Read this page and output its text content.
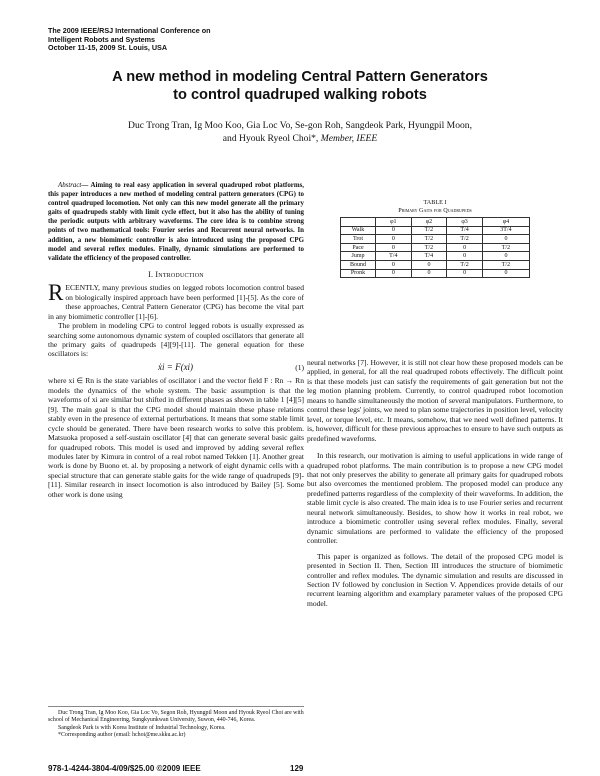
The 2009 IEEE/RSJ International Conference on
Intelligent Robots and Systems
October 11-15, 2009 St. Louis, USA
A new method in modeling Central Pattern Generators
to control quadruped walking robots
Duc Trong Tran, Ig Moo Koo, Gia Loc Vo, Se-gon Roh, Sangdeok Park, Hyungpil Moon,
and Hyouk Ryeol Choi*, Member, IEEE

Abstract— Aiming to real easy application in several quadruped robot platforms, this paper introduces a new method of modeling central pattern generators (CPG) to control quadruped locomotion. Not only can this new model generate all the primary gaits of quadrupeds stably with limit cycle effect, but it also has the ability of tuning the periodic outputs with arbitrary waveforms. The core idea is to combine strong points of two mathematical tools: Fourier series and Recurrent neural networks. In addition, a new biomimetic controller is also introduced using the proposed CPG model and several reflex modules. Finally, dynamic simulations are performed to validate the efficiency of the proposed controller.

I. Introduction

RECENTLY, many previous studies on legged robots locomotion control based on biologically inspired approach have been performed [1]-[5]. As the core of these approaches, Central Pattern Generator (CPG) has become the vital part in any biomimetic controller [1]-[6].

The problem in modeling CPG to control legged robots is usually expressed as searching some autonomous dynamic system of coupled oscillators that generate all the primary gaits of quadrupeds [4][9]-[11]. The general equation for these oscillators is:

ẋi = F(xi)	(1)

where xi ∈ Rn is the state variables of oscillator i and the vector field F : Rn → Rn models the dynamics of the whole system. The basic assumption is that the waveforms of xi are similar but shifted in different phases as shown in table 1 [4][5][9]. The main goal is that the CPG model should maintain these phase relations stably even in the presence of external perturbations. It means that some stable limit cycle should be generated. There have been research works to solve this problem. Matsuoka proposed a self-sustain oscillator [4] that can generate several basic gaits for quadruped robots. This model is used and improved by adding several reflex modules later by Kimura in control of a real robot named Tekken [1]. Another great work is done by Buono et. al. by proposing a network of eight dynamic cells with a special structure that can generate stable gaits for the wide range of quadrupeds [9]-[11]. Similar research in insect locomotion is also introduced by Bailey [5]. Some other work is done using

Duc Trong Tran, Ig Moo Koo, Gia Loc Vo, Segon Roh, Hyungpil Moon and Hyouk Ryeol Choi are with school of Mechanical Engineering, Sungkyunkwan University, Suwon, 440-746, Korea.

Sangdeok Park is with Korea Institute of Industrial Technology, Korea.

*Corresponding author (email: hchoi@me.skku.ac.kr)

TABLE I
Primary Gaits for Quadrupeds
	φ1	φ2	φ3	φ4
Walk	0	T/2	T/4	3T/4
Trot	0	T/2	T/2	0
Pace	0	T/2	0	T/2
Jump	T/4	T/4	0	0
Bound	0	0	T/2	T/2
Pronk	0	0	0	0

neural networks [7]. However, it is still not clear how these proposed models can be applied, in general, for all the real quadruped robots effectively. The difficult point is that these models just can satisfy the requirements of gait generation but not the leg motion planning problem. Currently, to control quadruped robot locomotion means to handle simultaneously the motion of several manipulators. Furthermore, to control these legs' joints, we need to plan some trajectories in position level, velocity level, or torque level, etc. It means, somehow, that we need well defined patterns. It is, however, difficult for these previous approaches to ensure to have such outputs as predefined waveforms.

In this research, our motivation is aiming to useful applications in wide range of quadruped robot platforms. The main contribution is to propose a new CPG model that not only preserves the ability to generate all primary gaits for quadruped robots but also overcomes the mentioned problem. The proposed model can produce any predefined patterns regardless of the complexity of their waveforms. In addition, the stable limit cycle is also created. The main idea is to use Fourier series and recurrent neural network simultaneously. Besides, to show how it works in real robot, we introduce a biomimetic controller using several reflex modules. Finally, several dynamic simulations are performed to validate the efficiency of the proposed controller.

This paper is organized as follows. The detail of the proposed CPG model is presented in Section II. Then, Section III introduces the structure of biomimetic controller and reflex modules. The dynamic simulation and results are discussed in Section IV followed by conclusion in Section V. Appendices provide details of our recurrent learning algorithm and examplary parameter values of the proposed CPG model.

978-1-4244-3804-4/09/$25.00 ©2009 IEEE	129
